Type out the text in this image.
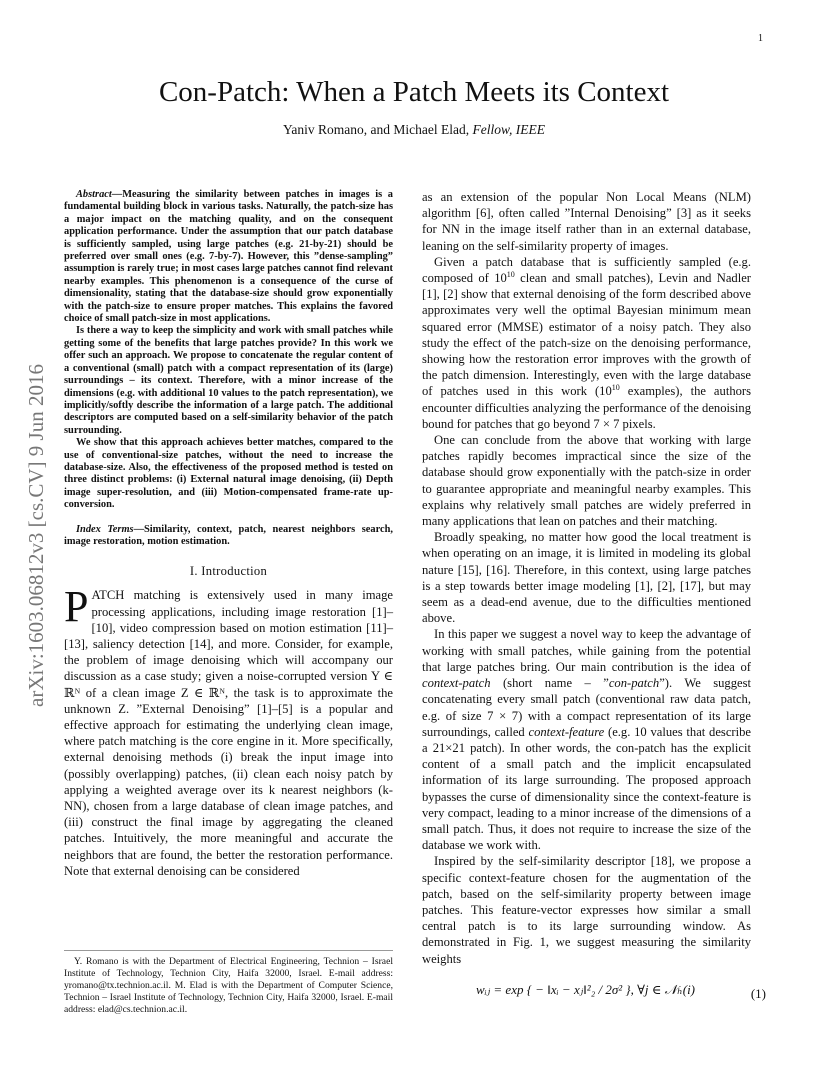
1
arXiv:1603.06812v3 [cs.CV] 9 Jun 2016
Con-Patch: When a Patch Meets its Context
Yaniv Romano, and Michael Elad, Fellow, IEEE

Abstract—Measuring the similarity between patches in images is a fundamental building block in various tasks. Naturally, the patch-size has a major impact on the matching quality, and on the consequent application performance. Under the assumption that our patch database is sufficiently sampled, using large patches (e.g. 21-by-21) should be preferred over small ones (e.g. 7-by-7). However, this ”dense-sampling” assumption is rarely true; in most cases large patches cannot find relevant nearby examples. This phenomenon is a consequence of the curse of dimensionality, stating that the database-size should grow exponentially with the patch-size to ensure proper matches. This explains the favored choice of small patch-size in most applications.

Is there a way to keep the simplicity and work with small patches while getting some of the benefits that large patches provide? In this work we offer such an approach. We propose to concatenate the regular content of a conventional (small) patch with a compact representation of its (large) surroundings – its context. Therefore, with a minor increase of the dimensions (e.g. with additional 10 values to the patch representation), we implicitly/softly describe the information of a large patch. The additional descriptors are computed based on a self-similarity behavior of the patch surrounding.

We show that this approach achieves better matches, compared to the use of conventional-size patches, without the need to increase the database-size. Also, the effectiveness of the proposed method is tested on three distinct problems: (i) External natural image denoising, (ii) Depth image super-resolution, and (iii) Motion-compensated frame-rate up-conversion.

Index Terms—Similarity, context, patch, nearest neighbors search, image restoration, motion estimation.

I. Introduction

PATCH matching is extensively used in many image processing applications, including image restoration [1]–[10], video compression based on motion estimation [11]–[13], saliency detection [14], and more. Consider, for example, the problem of image denoising which will accompany our discussion as a case study; given a noise-corrupted version Y ∈ ℝᴺ of a clean image Z ∈ ℝᴺ, the task is to approximate the unknown Z. ”External Denoising” [1]–[5] is a popular and effective approach for estimating the underlying clean image, where patch matching is the core engine in it. More specifically, external denoising methods (i) break the input image into (possibly overlapping) patches, (ii) clean each noisy patch by applying a weighted average over its k nearest neighbors (k-NN), chosen from a large database of clean image patches, and (iii) construct the final image by aggregating the cleaned patches. Intuitively, the more meaningful and accurate the neighbors that are found, the better the restoration performance. Note that external denoising can be considered

as an extension of the popular Non Local Means (NLM) algorithm [6], often called ”Internal Denoising” [3] as it seeks for NN in the image itself rather than in an external database, leaning on the self-similarity property of images.

Given a patch database that is sufficiently sampled (e.g. composed of $10^{10}$ clean and small patches), Levin and Nadler [1], [2] show that external denoising of the form described above approximates very well the optimal Bayesian minimum mean squared error (MMSE) estimator of a noisy patch. They also study the effect of the patch-size on the denoising performance, showing how the restoration error improves with the growth of the patch dimension. Interestingly, even with the large database of patches used in this work ($10^{10}$ examples), the authors encounter difficulties analyzing the performance of the denoising bound for patches that go beyond 7 × 7 pixels.

One can conclude from the above that working with large patches rapidly becomes impractical since the size of the database should grow exponentially with the patch-size in order to guarantee appropriate and meaningful nearby examples. This explains why relatively small patches are widely preferred in many applications that lean on patches and their matching.

Broadly speaking, no matter how good the local treatment is when operating on an image, it is limited in modeling its global nature [15], [16]. Therefore, in this context, using large patches is a step towards better image modeling [1], [2], [17], but may seem as a dead-end avenue, due to the difficulties mentioned above.

In this paper we suggest a novel way to keep the advantage of working with small patches, while gaining from the potential that large patches bring. Our main contribution is the idea of context-patch (short name – ”con-patch”). We suggest concatenating every small patch (conventional raw data patch, e.g. of size 7 × 7) with a compact representation of its large surroundings, called context-feature (e.g. 10 values that describe a 21×21 patch). In other words, the con-patch has the explicit content of a small patch and the implicit encapsulated information of its large surrounding. The proposed approach bypasses the curse of dimensionality since the context-feature is very compact, leading to a minor increase of the dimensions of a small patch. Thus, it does not require to increase the size of the database we work with.

Inspired by the self-similarity descriptor [18], we propose a specific context-feature chosen for the augmentation of the patch, based on the self-similarity property between image patches. This feature-vector expresses how similar a small central patch is to its large surrounding window. As demonstrated in Fig. 1, we suggest measuring the similarity weights

wᵢⱼ = exp { − ‖xᵢ − xⱼ‖²₂ / 2σ² }, ∀j ∈ 𝒩ₕ(i)	(1)
Y. Romano is with the Department of Electrical Engineering, Technion – Israel Institute of Technology, Technion City, Haifa 32000, Israel. E-mail address: yromano@tx.technion.ac.il. M. Elad is with the Department of Computer Science, Technion – Israel Institute of Technology, Technion City, Haifa 32000, Israel. E-mail address: elad@cs.technion.ac.il.
